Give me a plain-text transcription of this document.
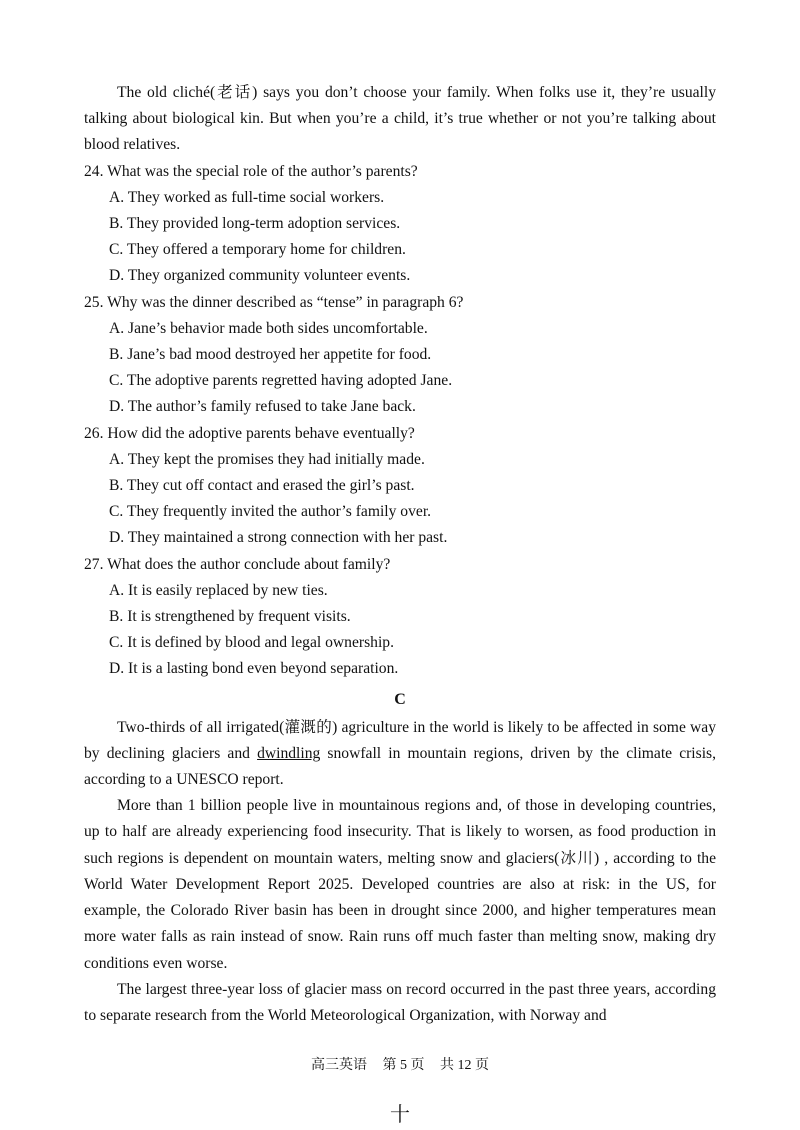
The old cliché(老话) says you don’t choose your family. When folks use it, they’re usually talking about biological kin. But when you’re a child, it’s true whether or not you’re talking about blood relatives.

24. What was the special role of the author’s parents?

A. They worked as full-time social workers.

B. They provided long-term adoption services.

C. They offered a temporary home for children.

D. They organized community volunteer events.

25. Why was the dinner described as “tense” in paragraph 6?

A. Jane’s behavior made both sides uncomfortable.

B. Jane’s bad mood destroyed her appetite for food.

C. The adoptive parents regretted having adopted Jane.

D. The author’s family refused to take Jane back.

26. How did the adoptive parents behave eventually?

A. They kept the promises they had initially made.

B. They cut off contact and erased the girl’s past.

C. They frequently invited the author’s family over.

D. They maintained a strong connection with her past.

27. What does the author conclude about family?

A. It is easily replaced by new ties.

B. It is strengthened by frequent visits.

C. It is defined by blood and legal ownership.

D. It is a lasting bond even beyond separation.

C

Two-thirds of all irrigated(灌溉的) agriculture in the world is likely to be affected in some way by declining glaciers and dwindling snowfall in mountain regions, driven by the climate crisis, according to a UNESCO report.

More than 1 billion people live in mountainous regions and, of those in developing countries, up to half are already experiencing food insecurity. That is likely to worsen, as food production in such regions is dependent on mountain waters, melting snow and glaciers(冰川) , according to the World Water Development Report 2025. Developed countries are also at risk: in the US, for example, the Colorado River basin has been in drought since 2000, and higher temperatures mean more water falls as rain instead of snow. Rain runs off much faster than melting snow, making dry conditions even worse.

The largest three-year loss of glacier mass on record occurred in the past three years, according to separate research from the World Meteorological Organization, with Norway and

高三英语 第 5 页 共 12 页
十
